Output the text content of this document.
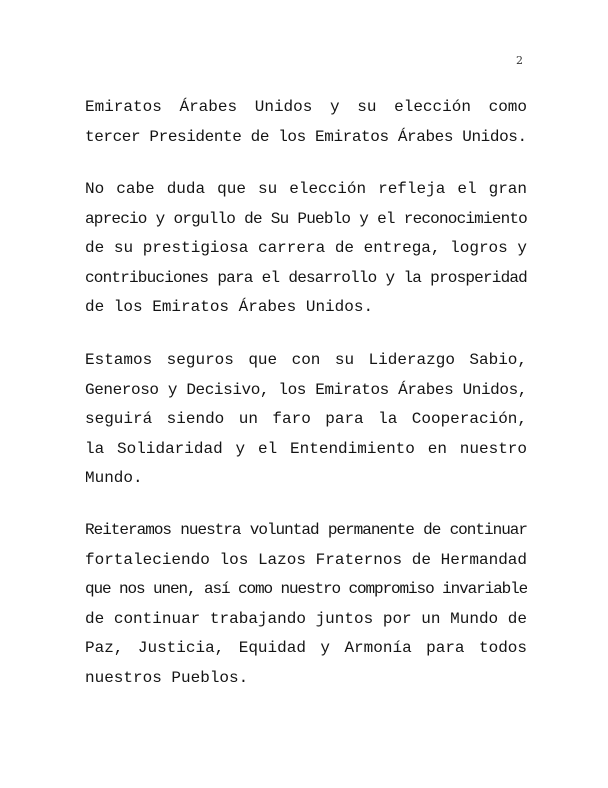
2
Emiratos Árabes Unidos y su elección como
tercer Presidente de los Emiratos Árabes Unidos.
No cabe duda que su elección refleja el gran
aprecio y orgullo de Su Pueblo y el reconocimiento
de su prestigiosa carrera de entrega, logros y
contribuciones para el desarrollo y la prosperidad
de los Emiratos Árabes Unidos.
Estamos seguros que con su Liderazgo Sabio,
Generoso y Decisivo, los Emiratos Árabes Unidos,
seguirá siendo un faro para la Cooperación,
la Solidaridad y el Entendimiento en nuestro
Mundo.
Reiteramos nuestra voluntad permanente de continuar
fortaleciendo los Lazos Fraternos de Hermandad
que nos unen, así como nuestro compromiso invariable
de continuar trabajando juntos por un Mundo de
Paz, Justicia, Equidad y Armonía para todos
nuestros Pueblos.
